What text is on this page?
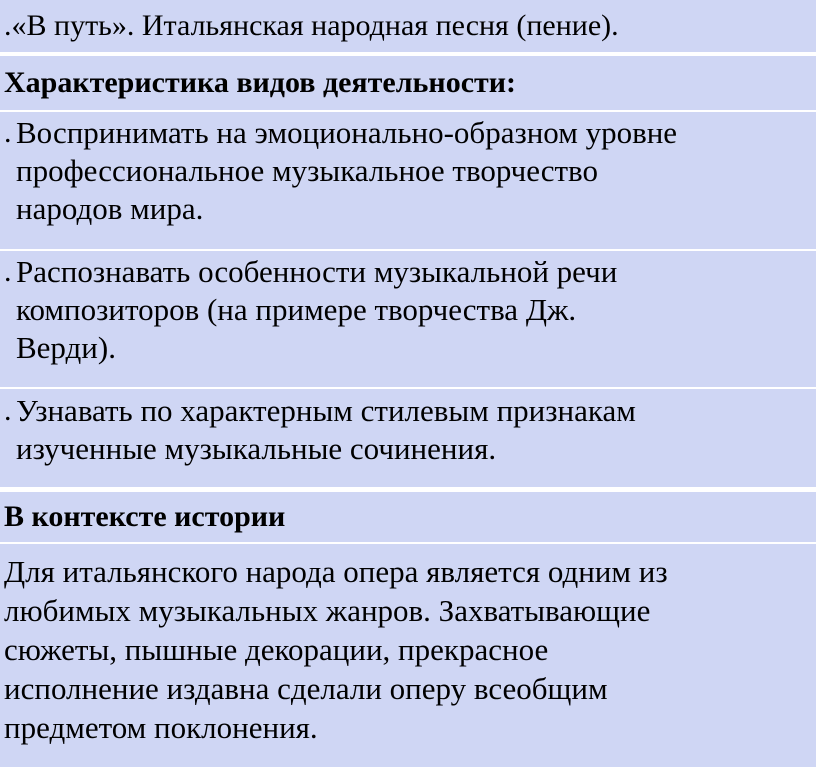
.«В путь». Итальянская народная песня (пение).
Характеристика видов деятельности:
. Воспринимать на эмоционально-образном уровне
профессиональное музыкальное творчество
народов мира.
. Распознавать особенности музыкальной речи
композиторов (на примере творчества Дж.
Верди).
. Узнавать по характерным стилевым признакам
изученные музыкальные сочинения.
В контексте истории
Для итальянского народа опера является одним из
любимых музыкальных жанров. Захватывающие
сюжеты, пышные декорации, прекрасное
исполнение издавна сделали оперу всеобщим
предметом поклонения.
